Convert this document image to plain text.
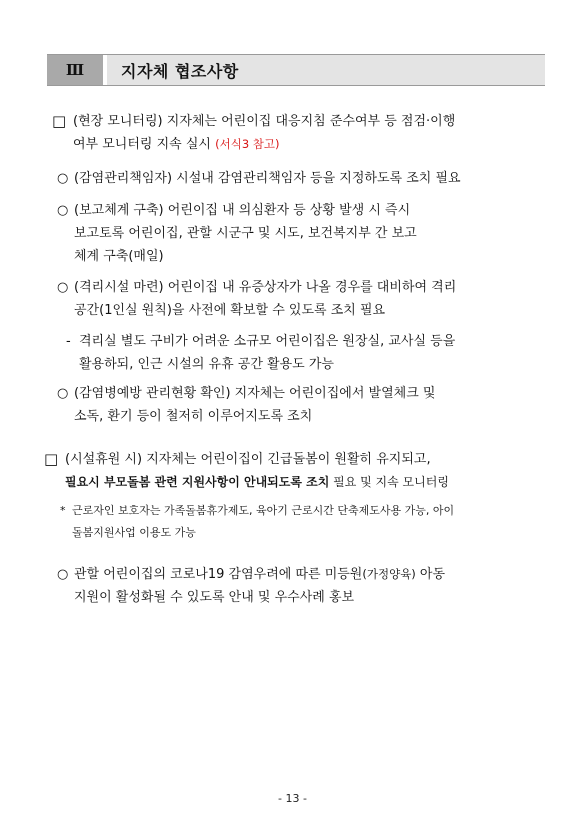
Ⅲ	지자체 협조사항
□ (현장 모니터링) 지자체는 어린이집 대응지침 준수여부 등 점검·이행
여부 모니터링 지속 실시 (서식3 참고)
○ (감염관리책임자) 시설내 감염관리책임자 등을 지정하도록 조치 필요
○ (보고체계 구축) 어린이집 내 의심환자 등 상황 발생 시 즉시
보고토록 어린이집, 관할 시군구 및 시도, 보건복지부 간 보고
체계 구축(매일)
○ (격리시설 마련) 어린이집 내 유증상자가 나올 경우를 대비하여 격리
공간(1인실 원칙)을 사전에 확보할 수 있도록 조치 필요
- 격리실 별도 구비가 어려운 소규모 어린이집은 원장실, 교사실 등을
활용하되, 인근 시설의 유휴 공간 활용도 가능
○ (감염병예방 관리현황 확인) 지자체는 어린이집에서 발열체크 및
소독, 환기 등이 철저히 이루어지도록 조치
□ (시설휴원 시) 지자체는 어린이집이 긴급돌봄이 원활히 유지되고,
필요시 부모돌봄 관련 지원사항이 안내되도록 조치 필요 및 지속 모니터링
* 근로자인 보호자는 가족돌봄휴가제도, 육아기 근로시간 단축제도사용 가능, 아이
돌봄지원사업 이용도 가능
○ 관할 어린이집의 코로나19 감염우려에 따른 미등원(가정양육) 아동
지원이 활성화될 수 있도록 안내 및 우수사례 홍보
- 13 -
